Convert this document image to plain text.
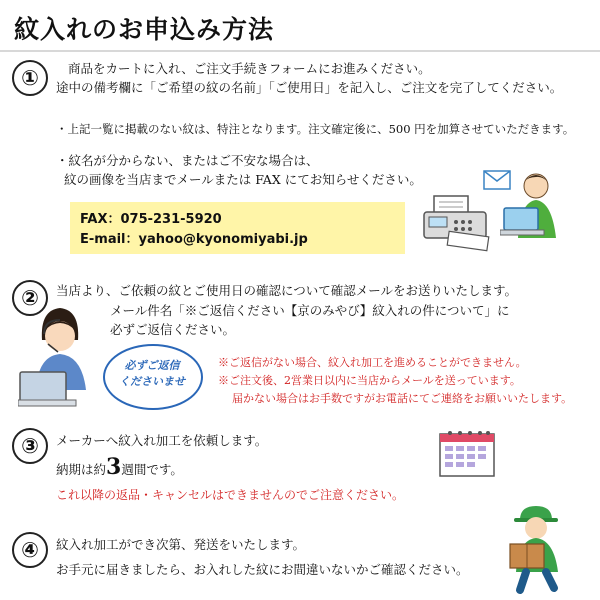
紋入れのお申込み方法
①	商品をカートに入れ、ご注文手続きフォームにお進みください。
途中の備考欄に「ご希望の紋の名前」「ご使用日」を記入し、ご注文を完了してください。
・上記一覧に掲載のない紋は、特注となります。注文確定後に、500 円を加算させていただきます。
・紋名が分からない、またはご不安な場合は、
紋の画像を当店までメールまたは FAX にてお知らせください。
FAX：075-231-5920
E-mail：yahoo@kyonomiyabi.jp
②	当店より、ご依頼の紋とご使用日の確認について確認メールをお送りいたします。
メール件名「※ご返信ください【京のみやび】紋入れの件について」に
必ずご返信ください。
必ずご返信
くださいませ
※ご返信がない場合、紋入れ加工を進めることができません。
※ご注文後、2営業日以内に当店からメールを送っています。
届かない場合はお手数ですがお電話にてご連絡をお願いいたします。
③	メーカーへ紋入れ加工を依頼します。
納期は約3週間です。
これ以降の返品・キャンセルはできませんのでご注意ください。
④	紋入れ加工ができ次第、発送をいたします。
お手元に届きましたら、お入れした紋にお間違いないかご確認ください。
